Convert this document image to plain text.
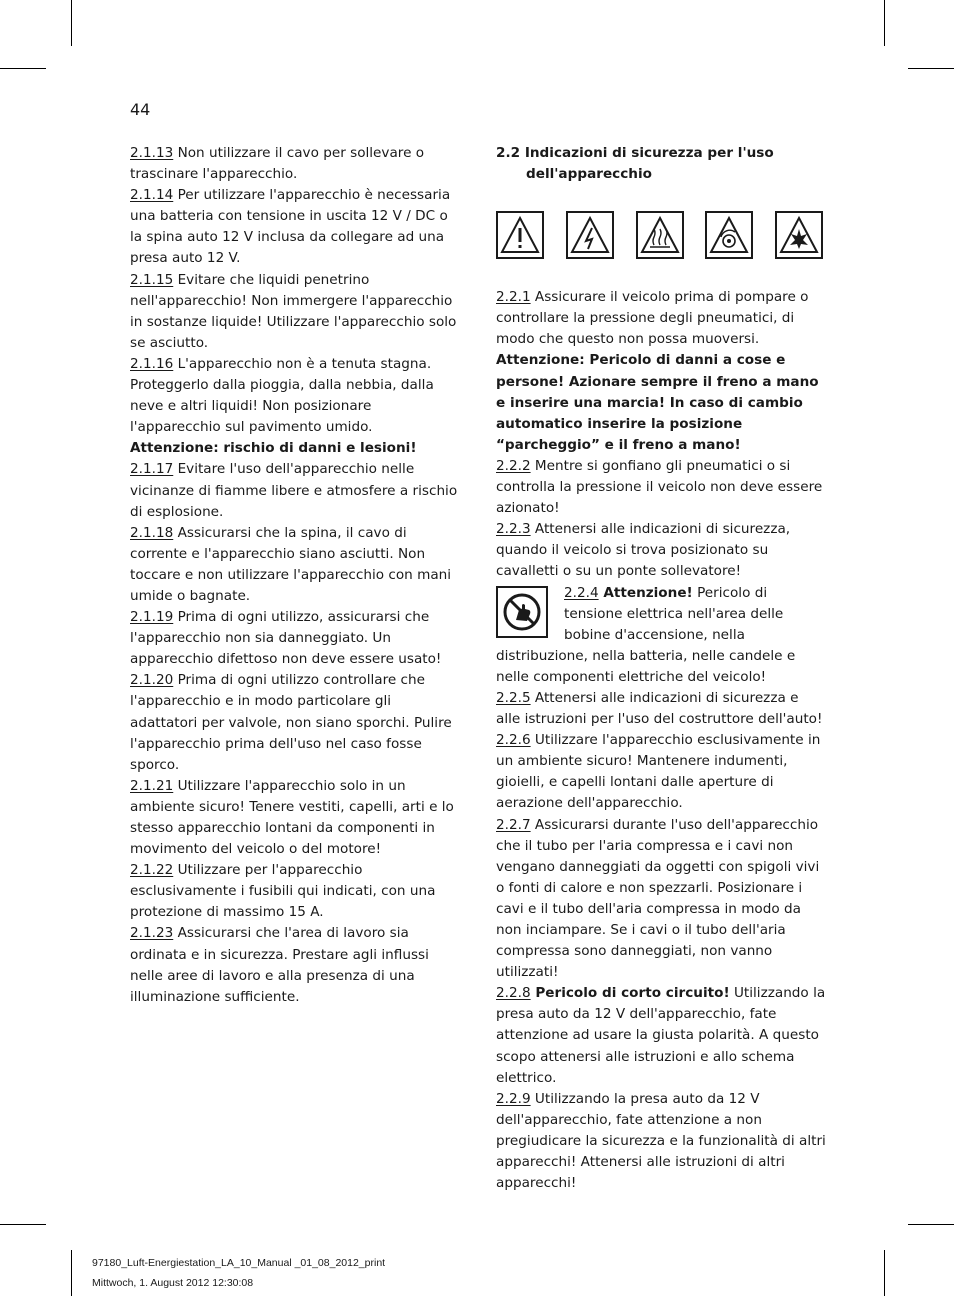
44

2.1.13 Non utilizzare il cavo per sollevare o trascinare l'apparecchio.

2.1.14 Per utilizzare l'apparecchio è necessaria una batteria con tensione in uscita 12 V / DC o la spina auto 12 V inclusa da collegare ad una presa auto 12 V.

2.1.15 Evitare che liquidi penetrino nell'apparecchio! Non immergere l'apparecchio in sostanze liquide! Utilizzare l'apparecchio solo se asciutto.

2.1.16 L'apparecchio non è a tenuta stagna. Proteggerlo dalla pioggia, dalla nebbia, dalla neve e altri liquidi! Non posizionare l'apparecchio sul pavimento umido. Attenzione: rischio di danni e lesioni!

2.1.17 Evitare l'uso dell'apparecchio nelle vicinanze di fiamme libere e atmosfere a rischio di esplosione.

2.1.18 Assicurarsi che la spina, il cavo di corrente e l'apparecchio siano asciutti. Non toccare e non utilizzare l'apparecchio con mani umide o bagnate.

2.1.19 Prima di ogni utilizzo, assicurarsi che l'apparecchio non sia danneggiato. Un apparecchio difettoso non deve essere usato!

2.1.20 Prima di ogni utilizzo controllare che l'apparecchio e in modo particolare gli adattatori per valvole, non siano sporchi. Pulire l'apparecchio prima dell'uso nel caso fosse sporco.

2.1.21 Utilizzare l'apparecchio solo in un ambiente sicuro! Tenere vestiti, capelli, arti e lo stesso apparecchio lontani da componenti in movimento del veicolo o del motore!

2.1.22 Utilizzare per l'apparecchio esclusivamente i fusibili qui indicati, con una protezione di massimo 15 A.

2.1.23 Assicurarsi che l'area di lavoro sia ordinata e in sicurezza. Prestare agli influssi nelle aree di lavoro e alla presenza di una illuminazione sufficiente.

2.2 Indicazioni di sicurezza per l'uso dell'apparecchio

2.2.1 Assicurare il veicolo prima di pompare o controllare la pressione degli pneumatici, di modo che questo non possa muoversi. Attenzione: Pericolo di danni a cose e persone! Azionare sempre il freno a mano e inserire una marcia! In caso di cambio automatico inserire la posizione “parcheggio” e il freno a mano!

2.2.2 Mentre si gonfiano gli pneumatici o si controlla la pressione il veicolo non deve essere azionato!

2.2.3 Attenersi alle indicazioni di sicurezza, quando il veicolo si trova posizionato su cavalletti o su un ponte sollevatore!

2.2.4 Attenzione! Pericolo di tensione elettrica nell'area delle bobine d'accensione, nella distribuzione, nella batteria, nelle candele e nelle componenti elettriche del veicolo!

2.2.5 Attenersi alle indicazioni di sicurezza e alle istruzioni per l'uso del costruttore dell'auto!

2.2.6 Utilizzare l'apparecchio esclusivamente in un ambiente sicuro! Mantenere indumenti, gioielli, e capelli lontani dalle aperture di aerazione dell'apparecchio.

2.2.7 Assicurarsi durante l'uso dell'apparecchio che il tubo per l'aria compressa e i cavi non vengano danneggiati da oggetti con spigoli vivi o fonti di calore e non spezzarli. Posizionare i cavi e il tubo dell'aria compressa in modo da non inciampare. Se i cavi o il tubo dell'aria compressa sono danneggiati, non vanno utilizzati!

2.2.8 Pericolo di corto circuito! Utilizzando la presa auto da 12 V dell'apparecchio, fate attenzione ad usare la giusta polarità. A questo scopo attenersi alle istruzioni e allo schema elettrico.

2.2.9 Utilizzando la presa auto da 12 V dell'apparecchio, fate attenzione a non pregiudicare la sicurezza e la funzionalità di altri apparecchi! Attenersi alle istruzioni di altri apparecchi!

97180_Luft-Energiestation_LA_10_Manual _01_08_2012_print
Mittwoch, 1. August 2012 12:30:08
